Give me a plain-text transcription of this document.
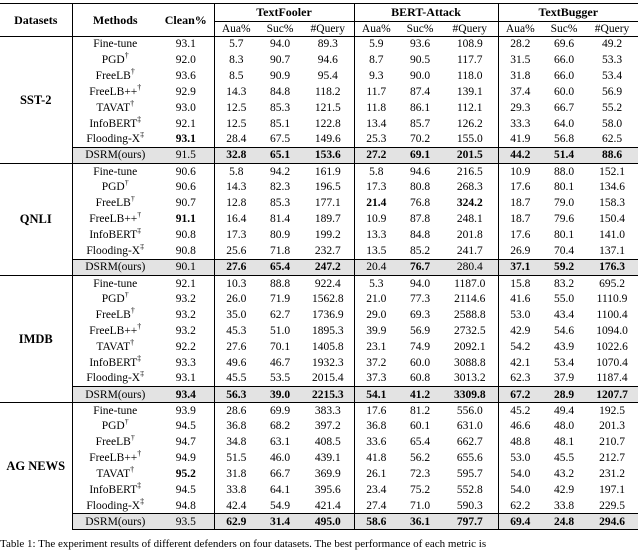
Datasets	Methods	Clean%	TextFooler			BERT-Attack			TextBugger		
			Aua%	Suc%	#Query	Aua%	Suc%	#Query	Aua%	Suc%	#Query
SST-2	Fine-tune	93.1	5.7	94.0	89.3	5.9	93.6	108.9	28.2	69.6	49.2
	PGD†	92.0	8.3	90.7	94.6	8.7	90.5	117.7	31.5	66.0	53.3
	FreeLB†	93.6	8.5	90.9	95.4	9.3	90.0	118.0	31.8	66.0	53.4
	FreeLB++†	92.9	14.3	84.8	118.2	11.7	87.4	139.1	37.4	60.0	56.9
	TAVAT†	93.0	12.5	85.3	121.5	11.8	86.1	112.1	29.3	66.7	55.2
	InfoBERT‡	92.1	12.5	85.1	122.8	13.4	85.7	126.2	33.3	64.0	58.0
	Flooding-X‡	93.1	28.4	67.5	149.6	25.3	70.2	155.0	41.9	56.8	62.5
	DSRM(ours)	91.5	32.8	65.1	153.6	27.2	69.1	201.5	44.2	51.4	88.6
QNLI	Fine-tune	90.6	5.8	94.2	161.9	5.8	94.6	216.5	10.9	88.0	152.1
	PGD†	90.6	14.3	82.3	196.5	17.3	80.8	268.3	17.6	80.1	134.6
	FreeLB†	90.7	12.8	85.3	177.1	21.4	76.8	324.2	18.7	79.0	158.3
	FreeLB++†	91.1	16.4	81.4	189.7	10.9	87.8	248.1	18.7	79.6	150.4
	InfoBERT‡	90.8	17.3	80.9	199.2	13.3	84.8	201.8	17.6	80.1	141.0
	Flooding-X‡	90.8	25.6	71.8	232.7	13.5	85.2	241.7	26.9	70.4	137.1
	DSRM(ours)	90.1	27.6	65.4	247.2	20.4	76.7	280.4	37.1	59.2	176.3
IMDB	Fine-tune	92.1	10.3	88.8	922.4	5.3	94.0	1187.0	15.8	83.2	695.2
	PGD†	93.2	26.0	71.9	1562.8	21.0	77.3	2114.6	41.6	55.0	1110.9
	FreeLB†	93.2	35.0	62.7	1736.9	29.0	69.3	2588.8	53.0	43.4	1100.4
	FreeLB++†	93.2	45.3	51.0	1895.3	39.9	56.9	2732.5	42.9	54.6	1094.0
	TAVAT†	92.2	27.6	70.1	1405.8	23.1	74.9	2092.1	54.2	43.9	1022.6
	InfoBERT‡	93.3	49.6	46.7	1932.3	37.2	60.0	3088.8	42.1	53.4	1070.4
	Flooding-X‡	93.1	45.5	53.5	2015.4	37.3	60.8	3013.2	62.3	37.9	1187.4
	DSRM(ours)	93.4	56.3	39.0	2215.3	54.1	41.2	3309.8	67.2	28.9	1207.7
AG NEWS	Fine-tune	93.9	28.6	69.9	383.3	17.6	81.2	556.0	45.2	49.4	192.5
	PGD†	94.5	36.8	68.2	397.2	36.8	60.1	631.0	46.6	48.0	201.3
	FreeLB†	94.7	34.8	63.1	408.5	33.6	65.4	662.7	48.8	48.1	210.7
	FreeLB++†	94.9	51.5	46.0	439.1	41.8	56.2	655.6	53.0	45.5	212.7
	TAVAT†	95.2	31.8	66.7	369.9	26.1	72.3	595.7	54.0	43.2	231.2
	InfoBERT‡	94.5	33.8	64.1	395.6	23.4	75.2	552.8	54.0	42.9	197.1
	Flooding-X‡	94.8	42.4	54.9	421.4	27.4	71.0	590.3	62.2	33.8	229.5
	DSRM(ours)	93.5	62.9	31.4	495.0	58.6	36.1	797.7	69.4	24.8	294.6
Table 1: The experiment results of different defenders on four datasets. The best performance of each metric is
